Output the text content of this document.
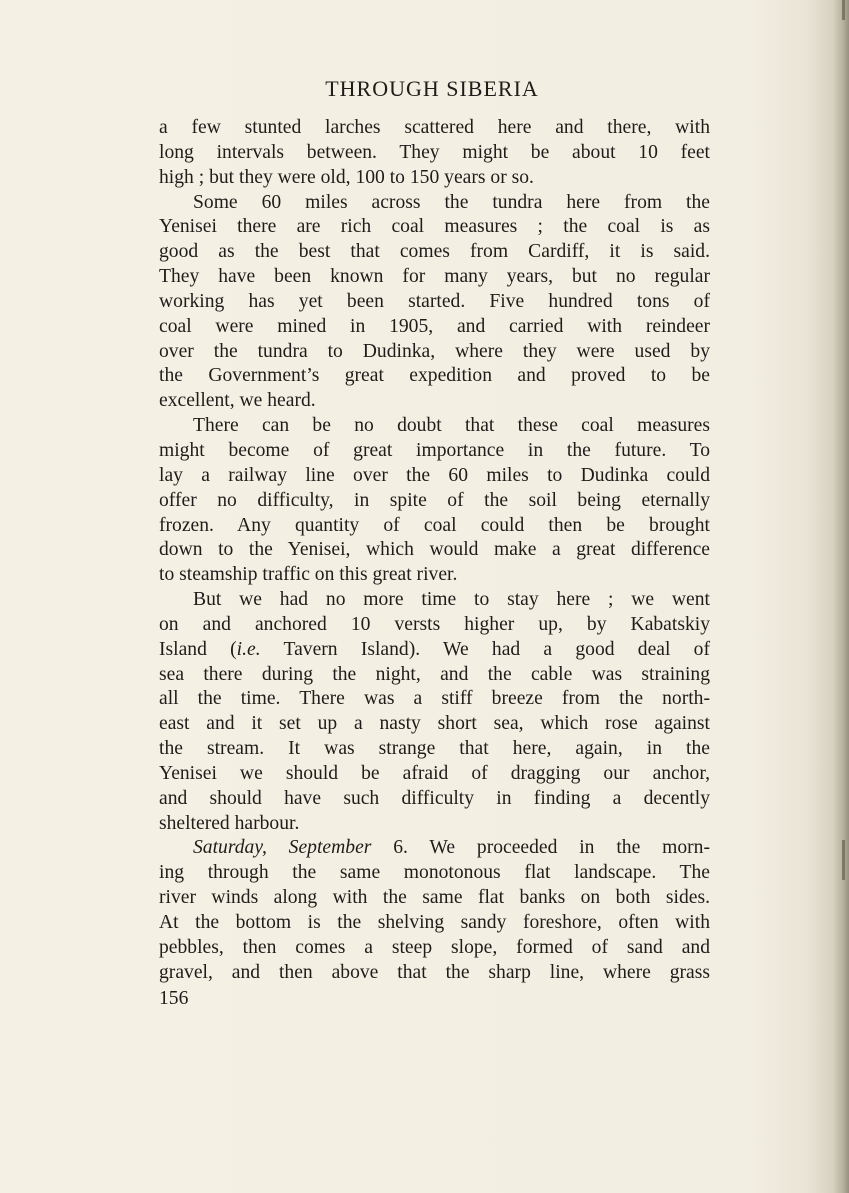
THROUGH SIBERIA
a few stunted larches scattered here and there, with
long intervals between. They might be about 10 feet
high ; but they were old, 100 to 150 years or so.
Some 60 miles across the tundra here from the
Yenisei there are rich coal measures ; the coal is as
good as the best that comes from Cardiff, it is said.
They have been known for many years, but no regular
working has yet been started. Five hundred tons of
coal were mined in 1905, and carried with reindeer
over the tundra to Dudinka, where they were used by
the Government’s great expedition and proved to be
excellent, we heard.
There can be no doubt that these coal measures
might become of great importance in the future. To
lay a railway line over the 60 miles to Dudinka could
offer no difficulty, in spite of the soil being eternally
frozen. Any quantity of coal could then be brought
down to the Yenisei, which would make a great difference
to steamship traffic on this great river.
But we had no more time to stay here ; we went
on and anchored 10 versts higher up, by Kabatskiy
Island (i.e. Tavern Island). We had a good deal of
sea there during the night, and the cable was straining
all the time. There was a stiff breeze from the north-
east and it set up a nasty short sea, which rose against
the stream. It was strange that here, again, in the
Yenisei we should be afraid of dragging our anchor,
and should have such difficulty in finding a decently
sheltered harbour.
Saturday, September 6. We proceeded in the morn-
ing through the same monotonous flat landscape. The
river winds along with the same flat banks on both sides.
At the bottom is the shelving sandy foreshore, often with
pebbles, then comes a steep slope, formed of sand and
gravel, and then above that the sharp line, where grass
156
